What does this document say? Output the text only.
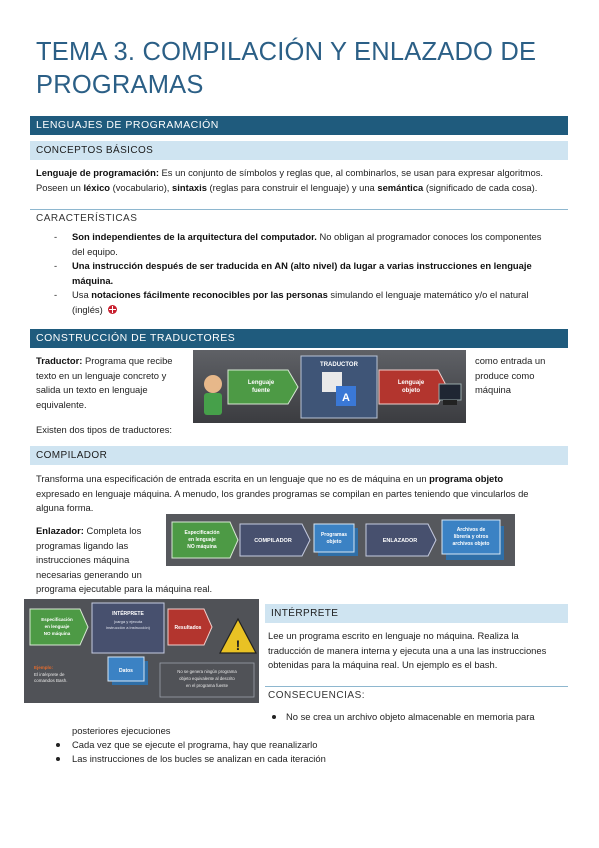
TEMA 3. COMPILACIÓN Y ENLAZADO DE
PROGRAMAS
LENGUAJES DE PROGRAMACIÓN
CONCEPTOS BÁSICOS
Lenguaje de programación: Es un conjunto de símbolos y reglas que, al combinarlos, se usan para expresar algoritmos.
Poseen un léxico (vocabulario), sintaxis (reglas para construir el lenguaje) y una semántica (significado de cada cosa).
CARACTERÍSTICAS
- Son independientes de la arquitectura del computador. No obligan al programador conoces los componentes
del equipo.
- Una instrucción después de ser traducida en AN (alto nivel) da lugar a varias instrucciones en lenguaje
máquina.
- Usa notaciones fácilmente reconocibles por las personas simulando el lenguaje matemático y/o el natural
(inglés)
CONSTRUCCIÓN DE TRADUCTORES
Traductor: Programa que recibe
texto en un lenguaje concreto y
salida un texto en lenguaje
equivalente.
Lenguaje
fuente
TRADUCTOR
A
Lenguaje
objeto
como entrada un
produce como
máquina
Existen dos tipos de traductores:
COMPILADOR
Transforma una especificación de entrada escrita en un lenguaje que no es de máquina en un programa objeto
expresado en lenguaje máquina. A menudo, los grandes programas se compilan en partes teniendo que vincularlos de
alguna forma.
Enlazador: Completa los
programas ligando las
instrucciones máquina
necesarias generando un
programa ejecutable para la máquina real.
Especificación
en lenguaje
NO máquina
COMPILADOR
Programas
objeto	ENLAZADOR
Archivos de
librería y otros
archivos objeto
Especificación
en lenguaje
NO máquina
INTÉRPRETE
(carga y ejecuta
instrucción a instrucción)	Resultados
!
Ejemplo:
El intérprete de
comandos Bash.
Datos	No se genera ningún programa
objeto equivalente al descrito
en el programa fuente
INTÉRPRETE
Lee un programa escrito en lenguaje no máquina. Realiza la
traducción de manera interna y ejecuta una a una las instrucciones
obtenidas para la máquina real. Un ejemplo es el bash.
CONSECUENCIAS:
No se crea un archivo objeto almacenable en memoria para
posteriores ejecuciones
Cada vez que se ejecute el programa, hay que reanalizarlo
Las instrucciones de los bucles se analizan en cada iteración
